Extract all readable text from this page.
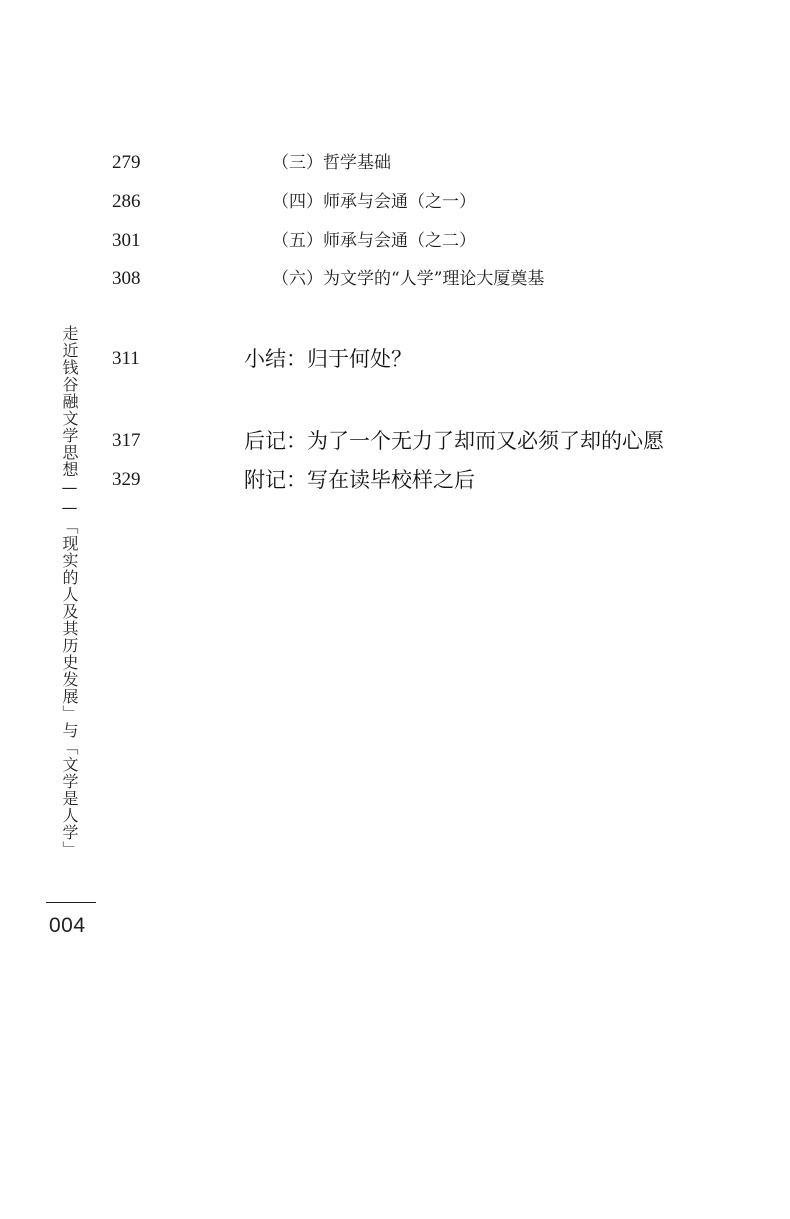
279	（三）哲学基础
286	（四）师承与会通（之一）
301	（五）师承与会通（之二）
308	（六）为文学的“人学”理论大厦奠基
311	小结：归于何处？
317	后记：为了一个无力了却而又必须了却的心愿
329	附记：写在读毕校样之后
走近钱谷融文学思想——「现实的人及其历史发展」与「文学是人学」
004
